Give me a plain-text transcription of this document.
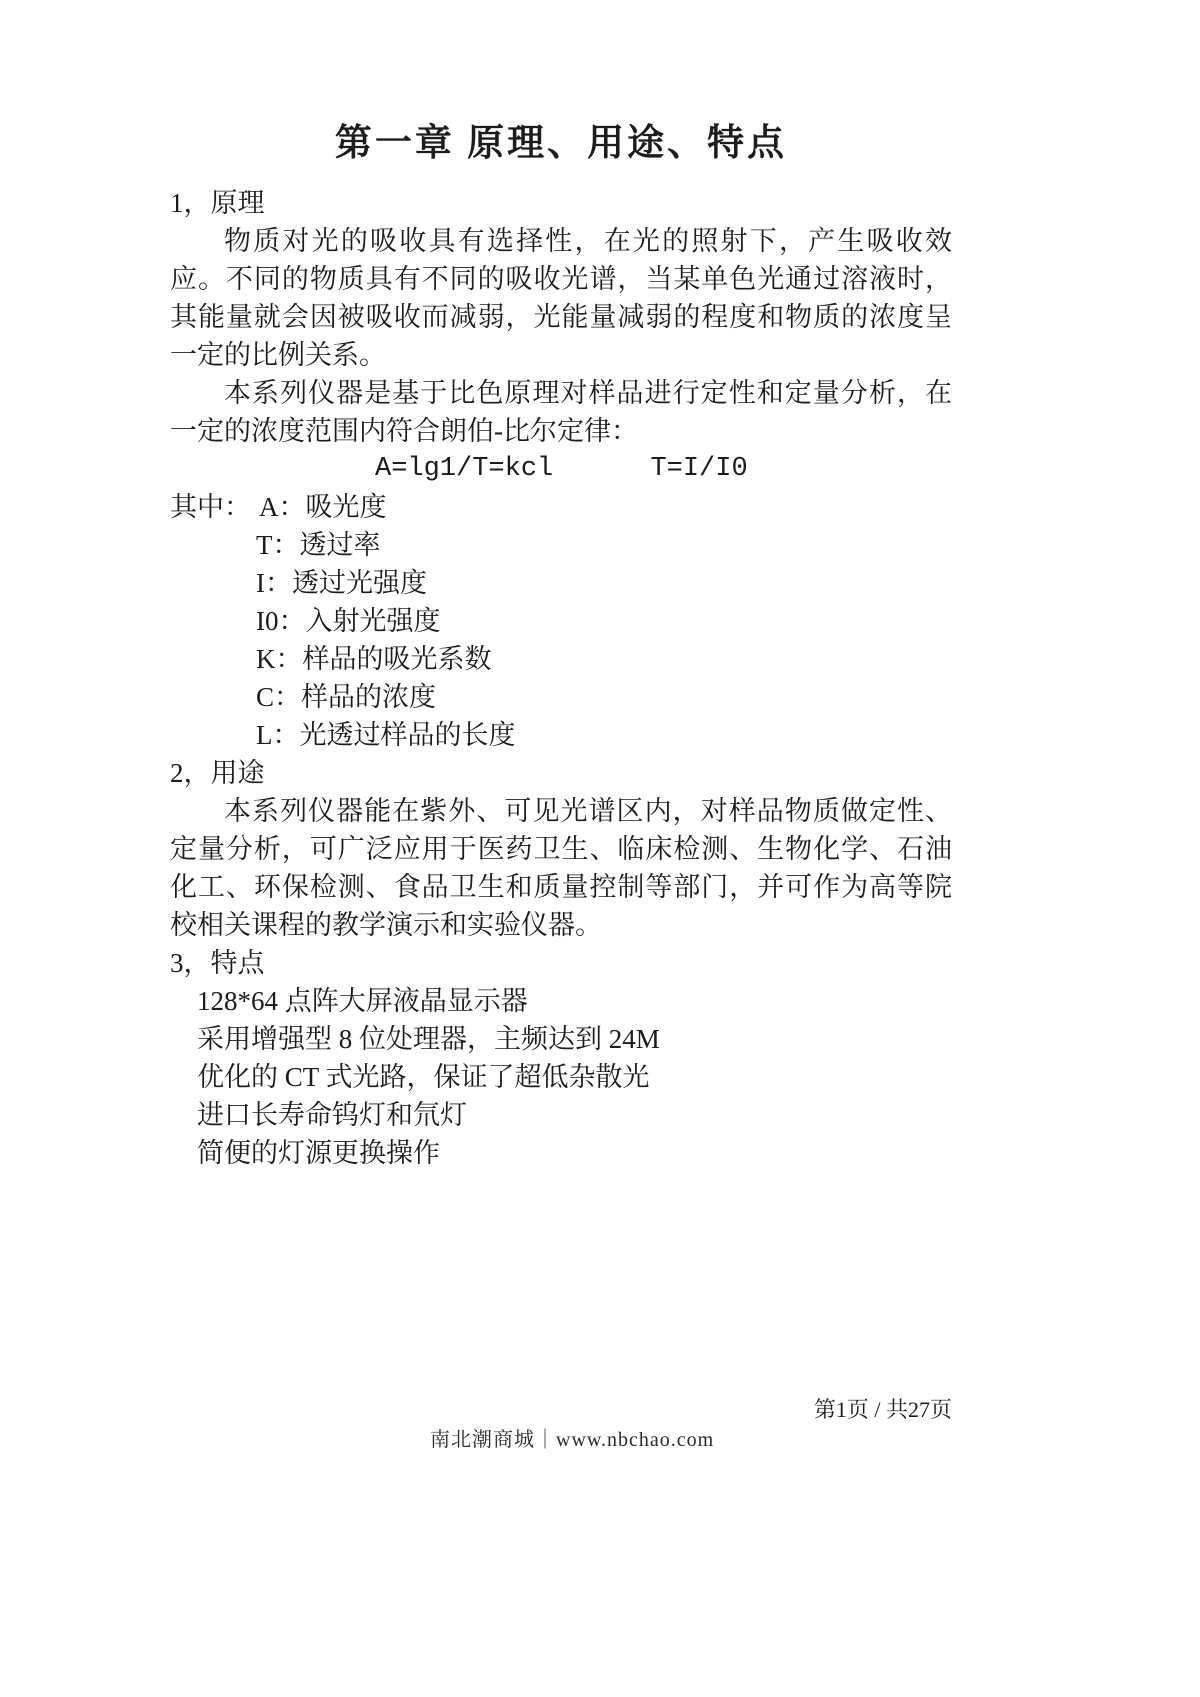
第一章 原理、用途、特点
1，原理
物质对光的吸收具有选择性，在光的照射下，产生吸收效应。不同的物质具有不同的吸收光谱，当某单色光通过溶液时，其能量就会因被吸收而减弱，光能量减弱的程度和物质的浓度呈一定的比例关系。
本系列仪器是基于比色原理对样品进行定性和定量分析，在一定的浓度范围内符合朗伯-比尔定律：
A=lg1/T=kcl      T=I/I0
其中： A：吸光度
T：透过率
I：透过光强度
I0：入射光强度
K：样品的吸光系数
C：样品的浓度
L：光透过样品的长度
2，用途
本系列仪器能在紫外、可见光谱区内，对样品物质做定性、定量分析，可广泛应用于医药卫生、临床检测、生物化学、石油化工、环保检测、食品卫生和质量控制等部门，并可作为高等院校相关课程的教学演示和实验仪器。
3，特点
128*64 点阵大屏液晶显示器
采用增强型 8 位处理器，主频达到 24M
优化的 CT 式光路，保证了超低杂散光
进口长寿命钨灯和氘灯
简便的灯源更换操作
第1页 / 共27页
南北潮商城｜www.nbchao.com
